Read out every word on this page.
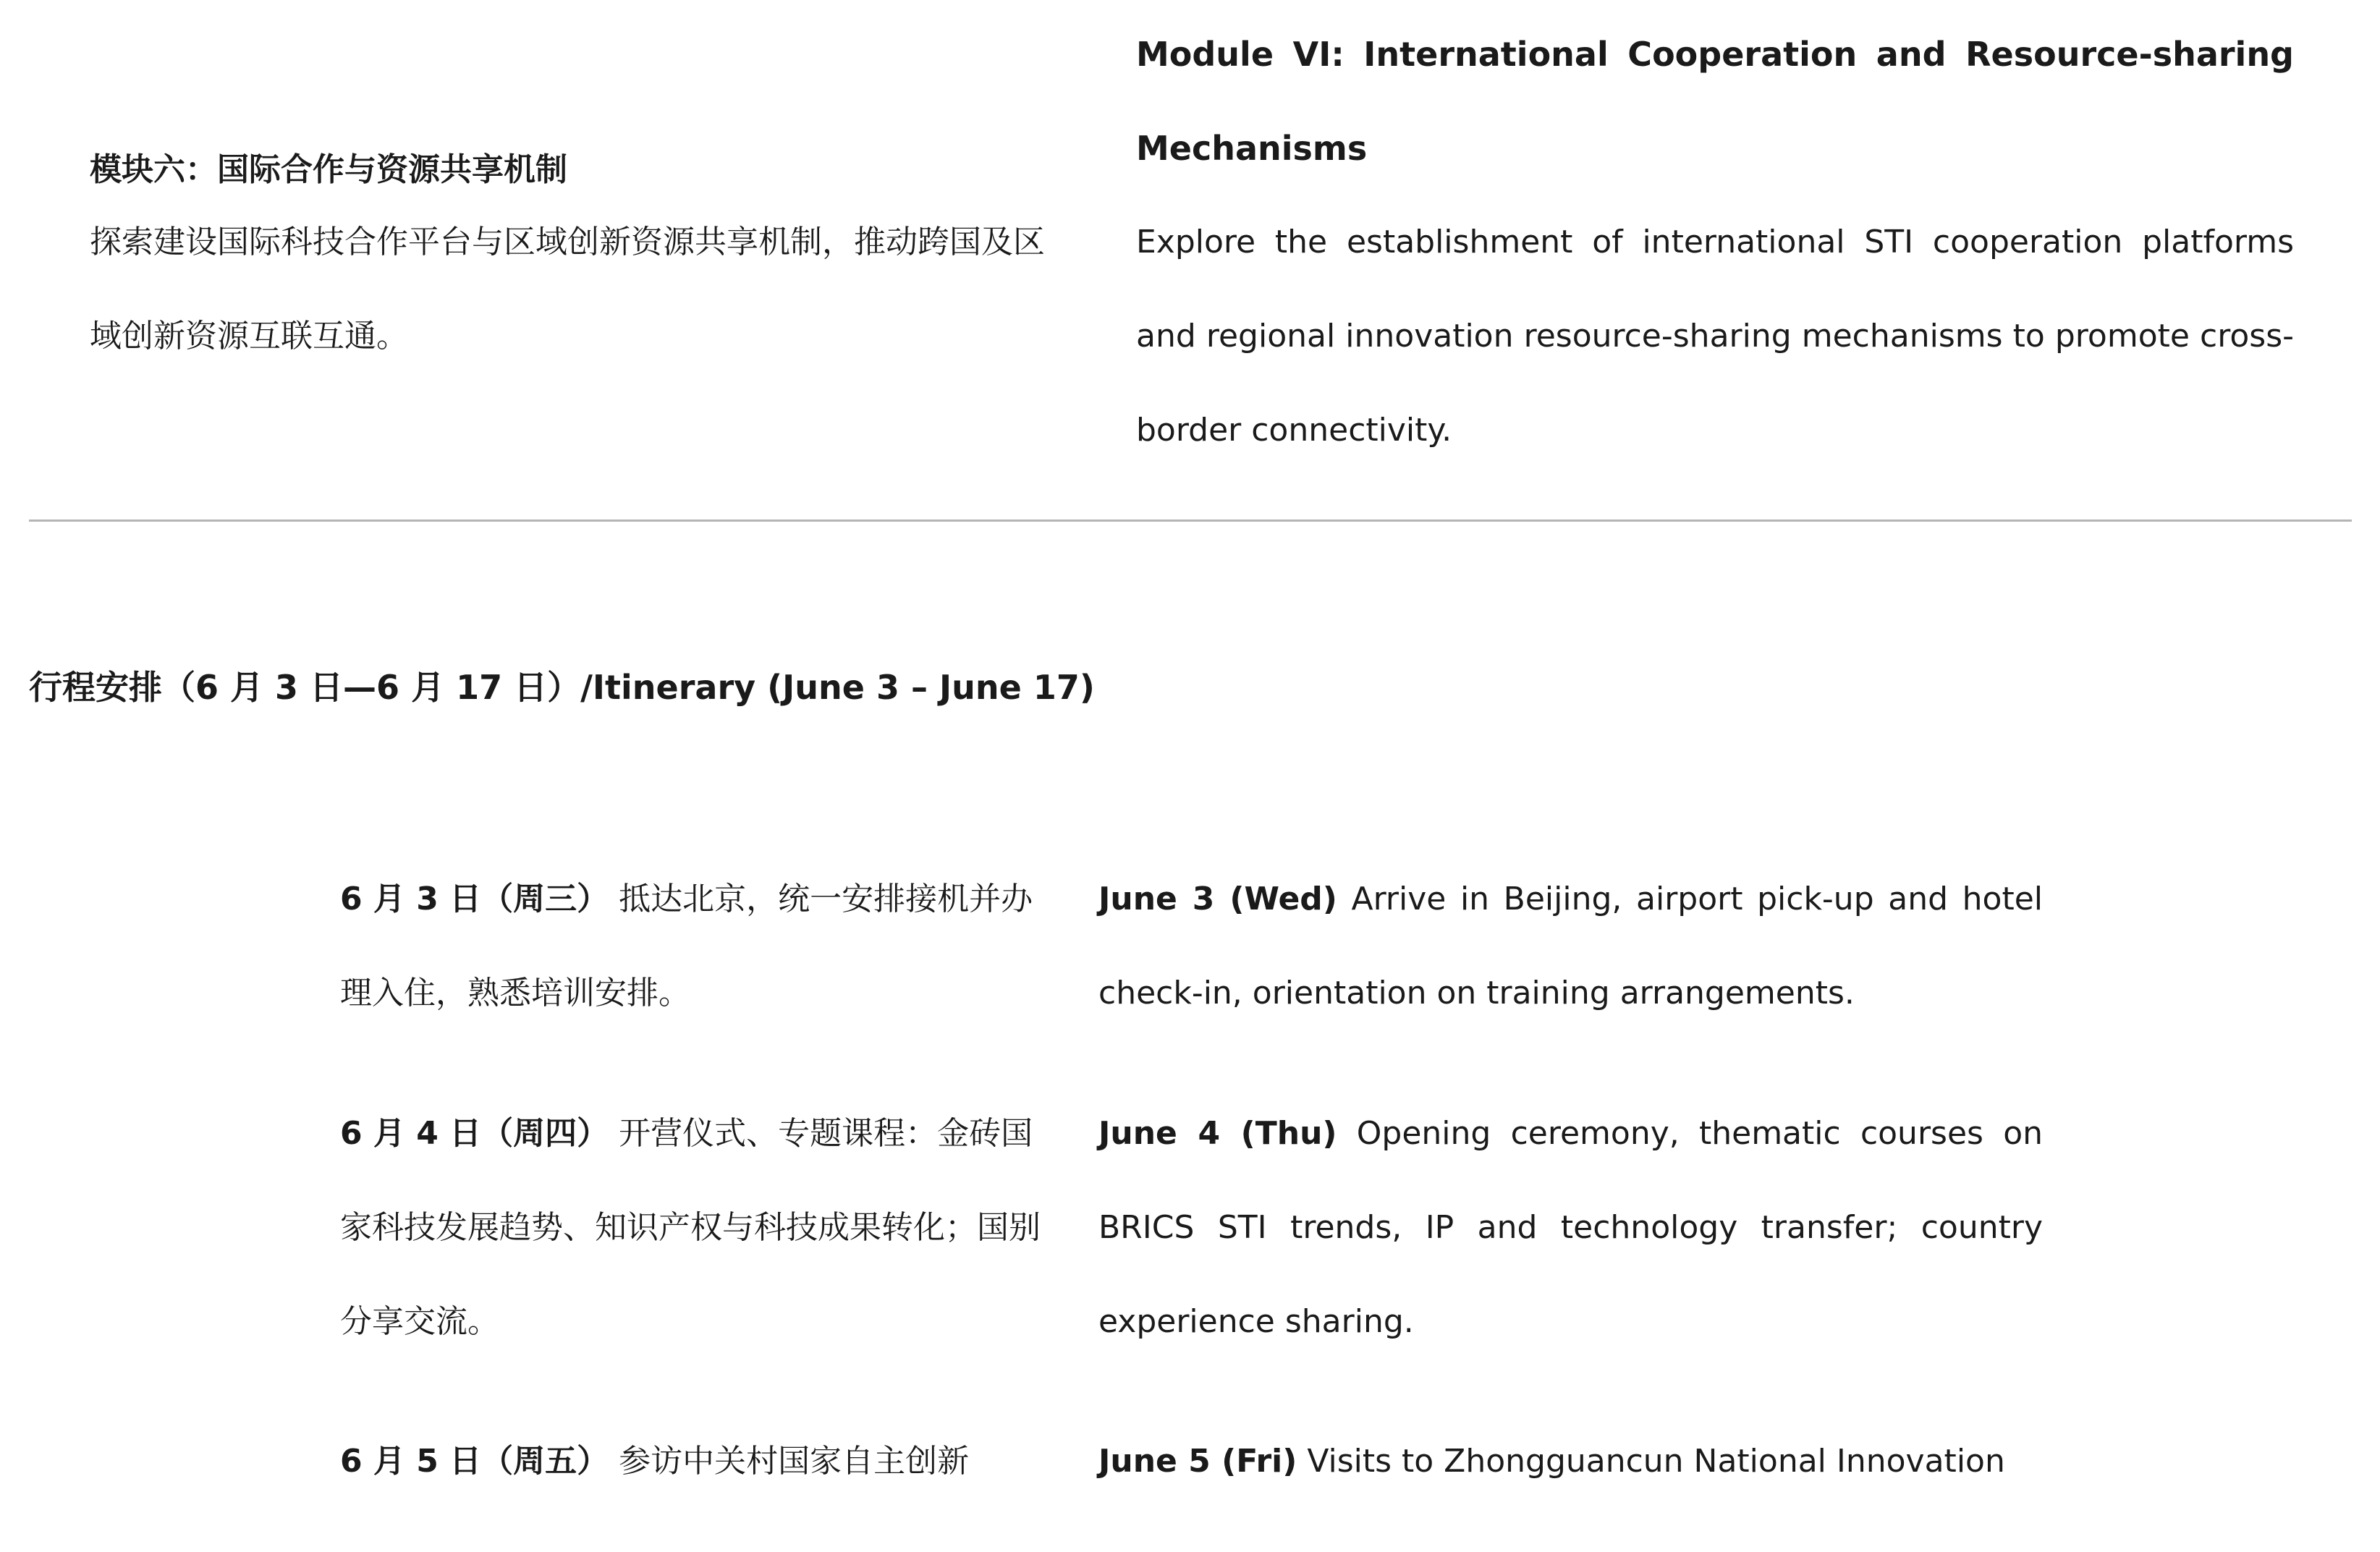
模块六：国际合作与资源共享机制
探索建设国际科技合作平台与区域创新资源共享机制，推动跨国及区域创新资源互联互通。
Module VI: International Cooperation and Resource-sharing Mechanisms
Explore the establishment of international STI cooperation platforms and regional innovation resource-sharing mechanisms to promote cross-border connectivity.
行程安排（6 月 3 日—6 月 17 日）/Itinerary (June 3 – June 17)
6 月 3 日（周三） 抵达北京，统一安排接机并办理入住，熟悉培训安排。
June 3 (Wed) Arrive in Beijing, airport pick-up and hotel check-in, orientation on training arrangements.
6 月 4 日（周四） 开营仪式、专题课程：金砖国家科技发展趋势、知识产权与科技成果转化；国别分享交流。
June 4 (Thu) Opening ceremony, thematic courses on BRICS STI trends, IP and technology transfer; country experience sharing.
6 月 5 日（周五） 参访中关村国家自主创新	June 5 (Fri) Visits to Zhongguancun National Innovation
